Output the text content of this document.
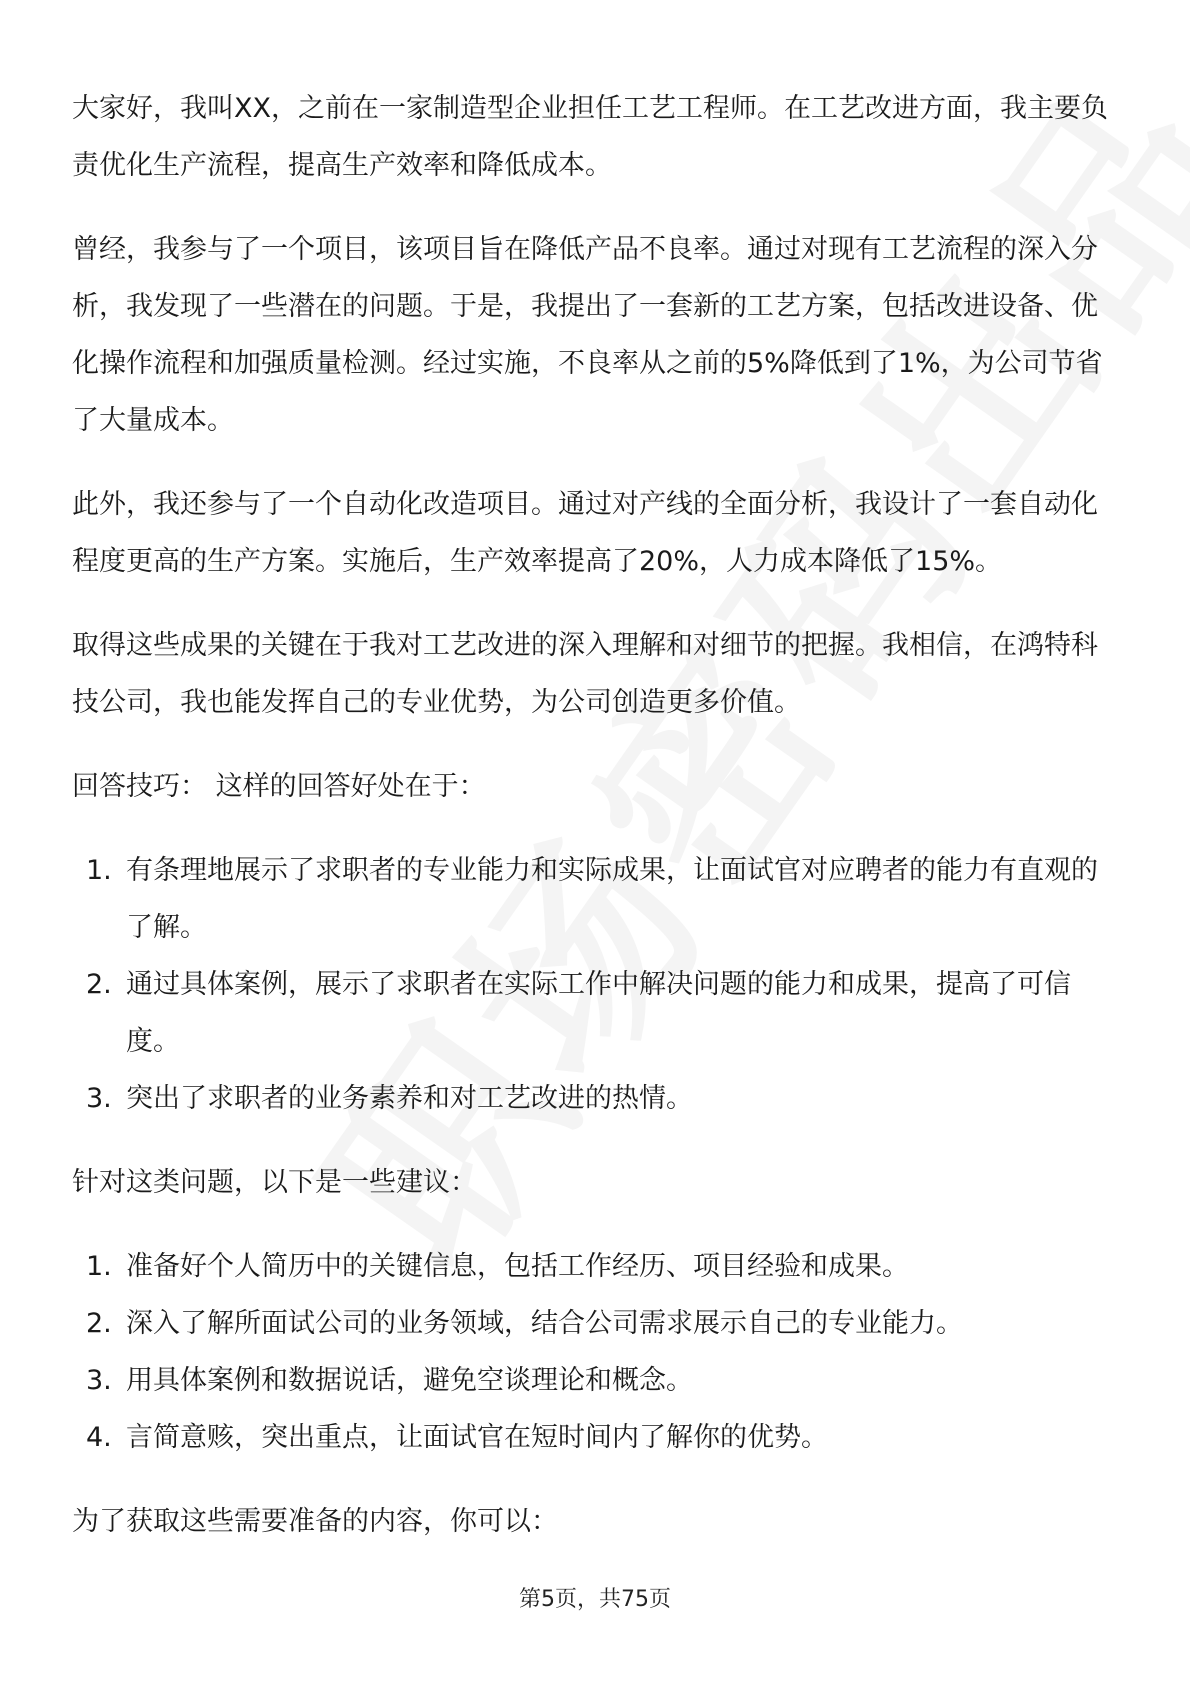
大家好，我叫XX，之前在一家制造型企业担任工艺工程师。在工艺改进方面，我主要负责优化生产流程，提高生产效率和降低成本。

曾经，我参与了一个项目，该项目旨在降低产品不良率。通过对现有工艺流程的深入分析，我发现了一些潜在的问题。于是，我提出了一套新的工艺方案，包括改进设备、优化操作流程和加强质量检测。经过实施，不良率从之前的5%降低到了1%，为公司节省了大量成本。

此外，我还参与了一个自动化改造项目。通过对产线的全面分析，我设计了一套自动化程度更高的生产方案。实施后，生产效率提高了20%，人力成本降低了15%。

取得这些成果的关键在于我对工艺改进的深入理解和对细节的把握。我相信，在鸿特科技公司，我也能发挥自己的专业优势，为公司创造更多价值。

回答技巧： 这样的回答好处在于：

1. 有条理地展示了求职者的专业能力和实际成果，让面试官对应聘者的能力有直观的了解。
2. 通过具体案例，展示了求职者在实际工作中解决问题的能力和成果，提高了可信度。
3. 突出了求职者的业务素养和对工艺改进的热情。

针对这类问题，以下是一些建议：

1. 准备好个人简历中的关键信息，包括工作经历、项目经验和成果。
2. 深入了解所面试公司的业务领域，结合公司需求展示自己的专业能力。
3. 用具体案例和数据说话，避免空谈理论和概念。
4. 言简意赅，突出重点，让面试官在短时间内了解你的优势。

为了获取这些需要准备的内容，你可以：

第5页，共75页
